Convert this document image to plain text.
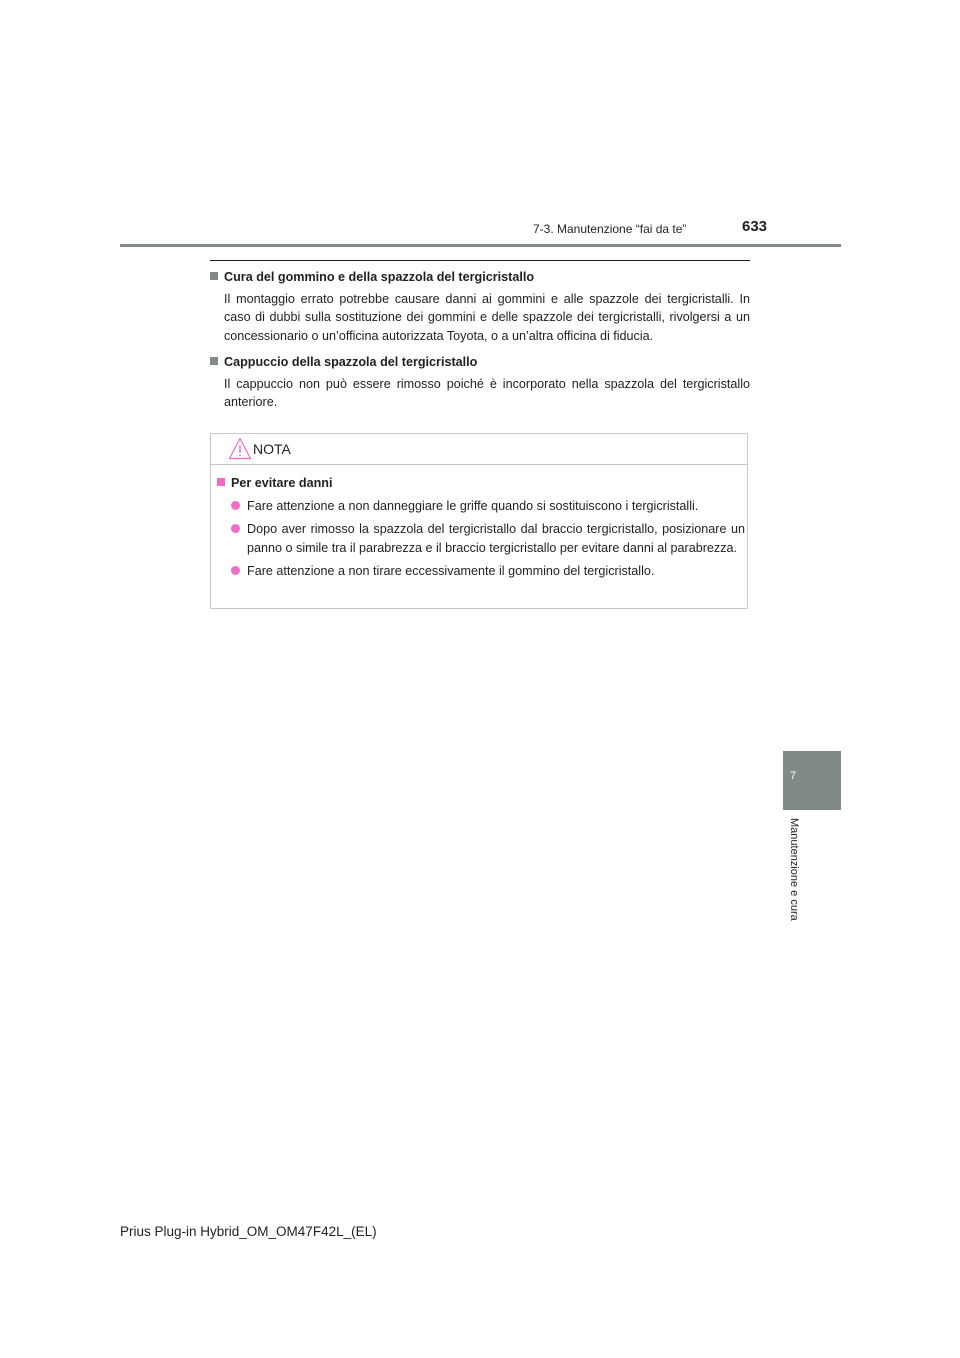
7-3. Manutenzione “fai da te”	633
Cura del gommino e della spazzola del tergicristallo
Il montaggio errato potrebbe causare danni ai gommini e alle spazzole dei tergicristalli. In caso di dubbi sulla sostituzione dei gommini e delle spazzole dei tergicristalli, rivolgersi a un concessionario o un’officina autorizzata Toyota, o a un’altra officina di fiducia.
Cappuccio della spazzola del tergicristallo
Il cappuccio non può essere rimosso poiché è incorporato nella spazzola del tergicristallo anteriore.
NOTA
Per evitare danni
Fare attenzione a non danneggiare le griffe quando si sostituiscono i tergicristalli.
Dopo aver rimosso la spazzola del tergicristallo dal braccio tergicristallo, posizionare un panno o simile tra il parabrezza e il braccio tergicristallo per evitare danni al parabrezza.
Fare attenzione a non tirare eccessivamente il gommino del tergicristallo.
7
Manutenzione e cura
Prius Plug-in Hybrid_OM_OM47F42L_(EL)
